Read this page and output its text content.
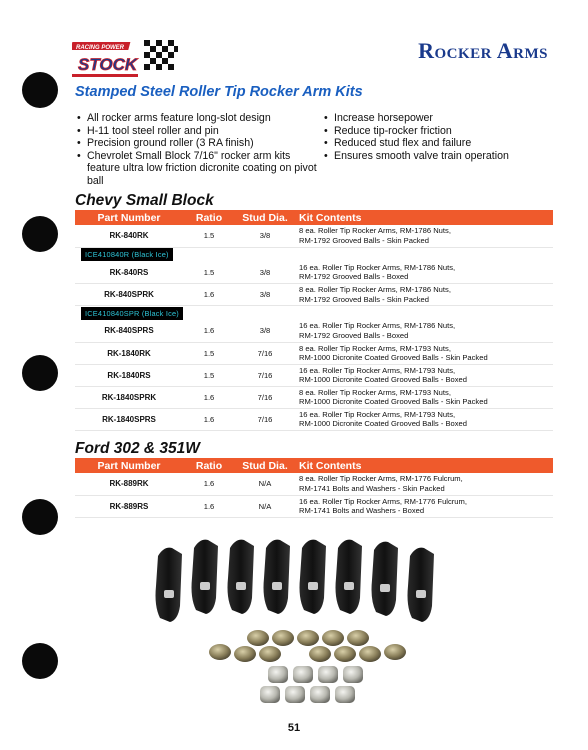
RACING POWER
STOCK
Rocker Arms
Stamped Steel Roller Tip Rocker Arm Kits
• All rocker arms feature long-slot design
• H-11 tool steel roller and pin
• Precision ground roller (3 RA finish)
• Chevrolet Small Block 7/16" rocker arm kits feature ultra low friction dicronite coating on pivot ball
• Increase horsepower
• Reduce tip-rocker friction
• Reduced stud flex and failure
• Ensures smooth valve train operation
Chevy Small Block
Part Number	Ratio	Stud Dia.	Kit Contents
RK-840RK	1.5	3/8	8 ea. Roller Tip Rocker Arms, RM-1786 Nuts,
RM-1792 Grooved Balls - Skin Packed

ICE410840R (Black Ice)			
RK-840RS	1.5	3/8	16 ea. Roller Tip Rocker Arms, RM-1786 Nuts,
RM-1792 Grooved Balls - Boxed

RK-840SPRK	1.6	3/8	8 ea. Roller Tip Rocker Arms, RM-1786 Nuts,
RM-1792 Grooved Balls - Skin Packed

ICE410840SPR (Black Ice)			
RK-840SPRS	1.6	3/8	16 ea. Roller Tip Rocker Arms, RM-1786 Nuts,
RM-1792 Grooved Balls - Boxed

RK-1840RK	1.5	7/16	8 ea. Roller Tip Rocker Arms, RM-1793 Nuts,
RM-1000 Dicronite Coated Grooved Balls - Skin Packed

RK-1840RS	1.5	7/16	16 ea. Roller Tip Rocker Arms, RM-1793 Nuts,
RM-1000 Dicronite Coated Grooved Balls - Boxed

RK-1840SPRK	1.6	7/16	8 ea. Roller Tip Rocker Arms, RM-1793 Nuts,
RM-1000 Dicronite Coated Grooved Balls - Skin Packed

RK-1840SPRS	1.6	7/16	16 ea. Roller Tip Rocker Arms, RM-1793 Nuts,
RM-1000 Dicronite Coated Grooved Balls - Boxed
Ford 302 & 351W
Part Number	Ratio	Stud Dia.	Kit Contents
RK-889RK	1.6	N/A	8 ea. Roller Tip Rocker Arms, RM-1776 Fulcrum,
RM-1741 Bolts and Washers - Skin Packed

RK-889RS	1.6	N/A	16 ea. Roller Tip Rocker Arms, RM-1776 Fulcrum,
RM-1741 Bolts and Washers - Boxed
51
